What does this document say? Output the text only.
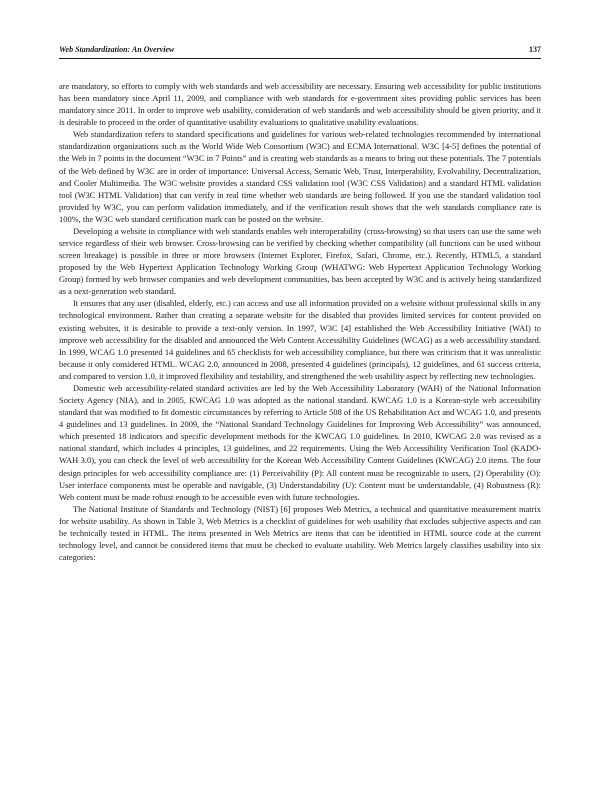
Web Standardization: An Overview	137

are mandatory, so efforts to comply with web standards and web accessibility are necessary. Ensuring web accessibility for public institutions has been mandatory since April 11, 2009, and compliance with web standards for e-government sites providing public services has been mandatory since 2011. In order to improve web usability, consideration of web standards and web accessibility should be given priority, and it is desirable to proceed in the order of quantitative usability evaluations to qualitative usability evaluations.

Web standardization refers to standard specifications and guidelines for various web-related technologies recommended by international standardization organizations such as the World Wide Web Consortium (W3C) and ECMA International. W3C [4-5] defines the potential of the Web in 7 points in the document “W3C in 7 Points” and is creating web standards as a means to bring out these potentials. The 7 potentials of the Web defined by W3C are in order of importance: Universal Access, Sematic Web, Trust, Interperability, Evolvability, Decentralization, and Cooler Multimedia. The W3C website provides a standard CSS validation tool (W3C CSS Validation) and a standard HTML validation tool (W3C HTML Validation) that can verify in real time whether web standards are being followed. If you use the standard validation tool provided by W3C, you can perform validation immediately, and if the verification result shows that the web standards compliance rate is 100%, the W3C web standard certification mark can be posted on the website.

Developing a website in compliance with web standards enables web interoperability (cross-browsing) so that users can use the same web service regardless of their web browser. Cross-browsing can be verified by checking whether compatibility (all functions can be used without screen breakage) is possible in three or more browsers (Internet Explorer, Firefox, Safari, Chrome, etc.). Recently, HTML5, a standard proposed by the Web Hypertext Application Technology Working Group (WHATWG: Web Hypertext Application Technology Working Group) formed by web browser companies and web development communities, has been accepted by W3C and is actively being standardized as a next-generation web standard.

It ensures that any user (disabled, elderly, etc.) can access and use all information provided on a website without professional skills in any technological environment. Rather than creating a separate website for the disabled that provides limited services for content provided on existing websites, it is desirable to provide a text-only version. In 1997, W3C [4] established the Web Accessibility Initiative (WAI) to improve web accessibility for the disabled and announced the Web Content Accessibility Guidelines (WCAG) as a web accessibility standard. In 1999, WCAG 1.0 presented 14 guidelines and 65 checklists for web accessibility compliance, but there was criticism that it was unrealistic because it only considered HTML. WCAG 2.0, announced in 2008, presented 4 guidelines (principals), 12 guidelines, and 61 success criteria, and compared to version 1.0, it improved flexibility and testability, and strengthened the web usability aspect by reflecting new technologies.

Domestic web accessibility-related standard activities are led by the Web Accessibility Laboratory (WAH) of the National Information Society Agency (NIA), and in 2005, KWCAG 1.0 was adopted as the national standard. KWCAG 1.0 is a Korean-style web accessibility standard that was modified to fit domestic circumstances by referring to Article 508 of the US Rehabilitation Act and WCAG 1.0, and presents 4 guidelines and 13 guidelines. In 2009, the “National Standard Technology Guidelines for Improving Web Accessibility” was announced, which presented 18 indicators and specific development methods for the KWCAG 1.0 guidelines. In 2010, KWCAG 2.0 was revised as a national standard, which includes 4 principles, 13 guidelines, and 22 requirements. Using the Web Accessibility Verification Tool (KADO-WAH 3.0), you can check the level of web accessibility for the Korean Web Accessibility Content Guidelines (KWCAG) 2.0 items. The four design principles for web accessibility compliance are: (1) Perceivability (P): All content must be recognizable to users, (2) Operability (O): User interface components must be operable and navigable, (3) Understandability (U): Content must be understandable, (4) Robustness (R): Web content must be made robust enough to be accessible even with future technologies.

The National Institute of Standards and Technology (NIST) [6] proposes Web Metrics, a technical and quantitative measurement matrix for website usability. As shown in Table 3, Web Metrics is a checklist of guidelines for web usability that excludes subjective aspects and can be technically tested in HTML. The items presented in Web Metrics are items that can be identified in HTML source code at the current technology level, and cannot be considered items that must be checked to evaluate usability. Web Metrics largely classifies usability into six categories:
